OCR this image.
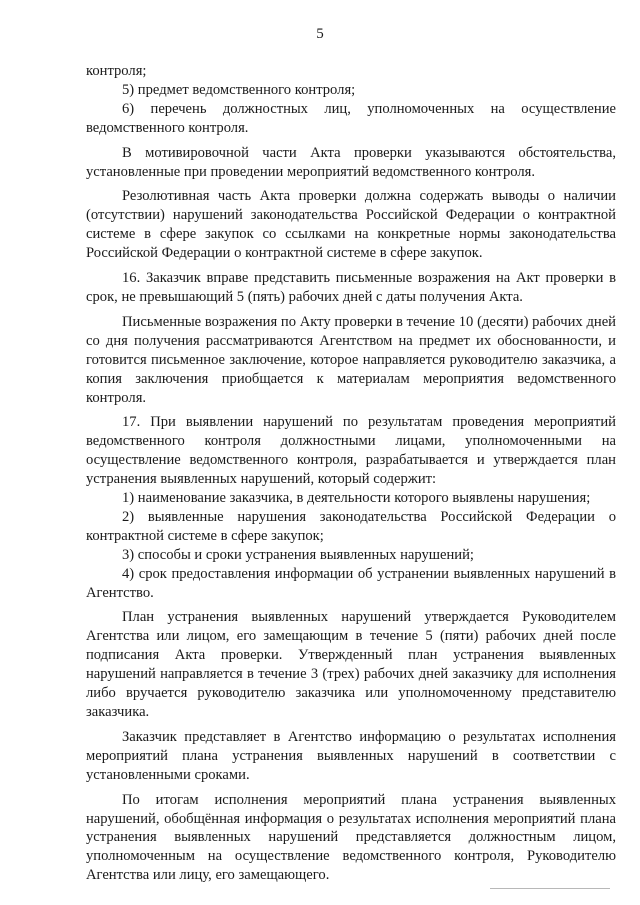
5

контроля;

5) предмет ведомственного контроля;

6) перечень должностных лиц, уполномоченных на осуществление ведомственного контроля.

В мотивировочной части Акта проверки указываются обстоятельства, установленные при проведении мероприятий ведомственного контроля.

Резолютивная часть Акта проверки должна содержать выводы о наличии (отсутствии) нарушений законодательства Российской Федерации о контрактной системе в сфере закупок со ссылками на конкретные нормы законодательства Российской Федерации о контрактной системе в сфере закупок.

16. Заказчик вправе представить письменные возражения на Акт проверки в срок, не превышающий 5 (пять) рабочих дней с даты получения Акта.

Письменные возражения по Акту проверки в течение 10 (десяти) рабочих дней со дня получения рассматриваются Агентством на предмет их обоснованности, и готовится письменное заключение, которое направляется руководителю заказчика, а копия заключения приобщается к материалам мероприятия ведомственного контроля.

17. При выявлении нарушений по результатам проведения мероприятий ведомственного контроля должностными лицами, уполномоченными на осуществление ведомственного контроля, разрабатывается и утверждается план устранения выявленных нарушений, который содержит:

1) наименование заказчика, в деятельности которого выявлены нарушения;

2) выявленные нарушения законодательства Российской Федерации о контрактной системе в сфере закупок;

3) способы и сроки устранения выявленных нарушений;

4) срок предоставления информации об устранении выявленных нарушений в Агентство.

План устранения выявленных нарушений утверждается Руководителем Агентства или лицом, его замещающим в течение 5 (пяти) рабочих дней после подписания Акта проверки. Утвержденный план устранения выявленных нарушений направляется в течение 3 (трех) рабочих дней заказчику для исполнения либо вручается руководителю заказчика или уполномоченному представителю заказчика.

Заказчик представляет в Агентство информацию о результатах исполнения мероприятий плана устранения выявленных нарушений в соответствии с установленными сроками.

По итогам исполнения мероприятий плана устранения выявленных нарушений, обобщённая информация о результатах исполнения мероприятий плана устранения выявленных нарушений представляется должностным лицом, уполномоченным на осуществление ведомственного контроля, Руководителю Агентства или лицу, его замещающего.
